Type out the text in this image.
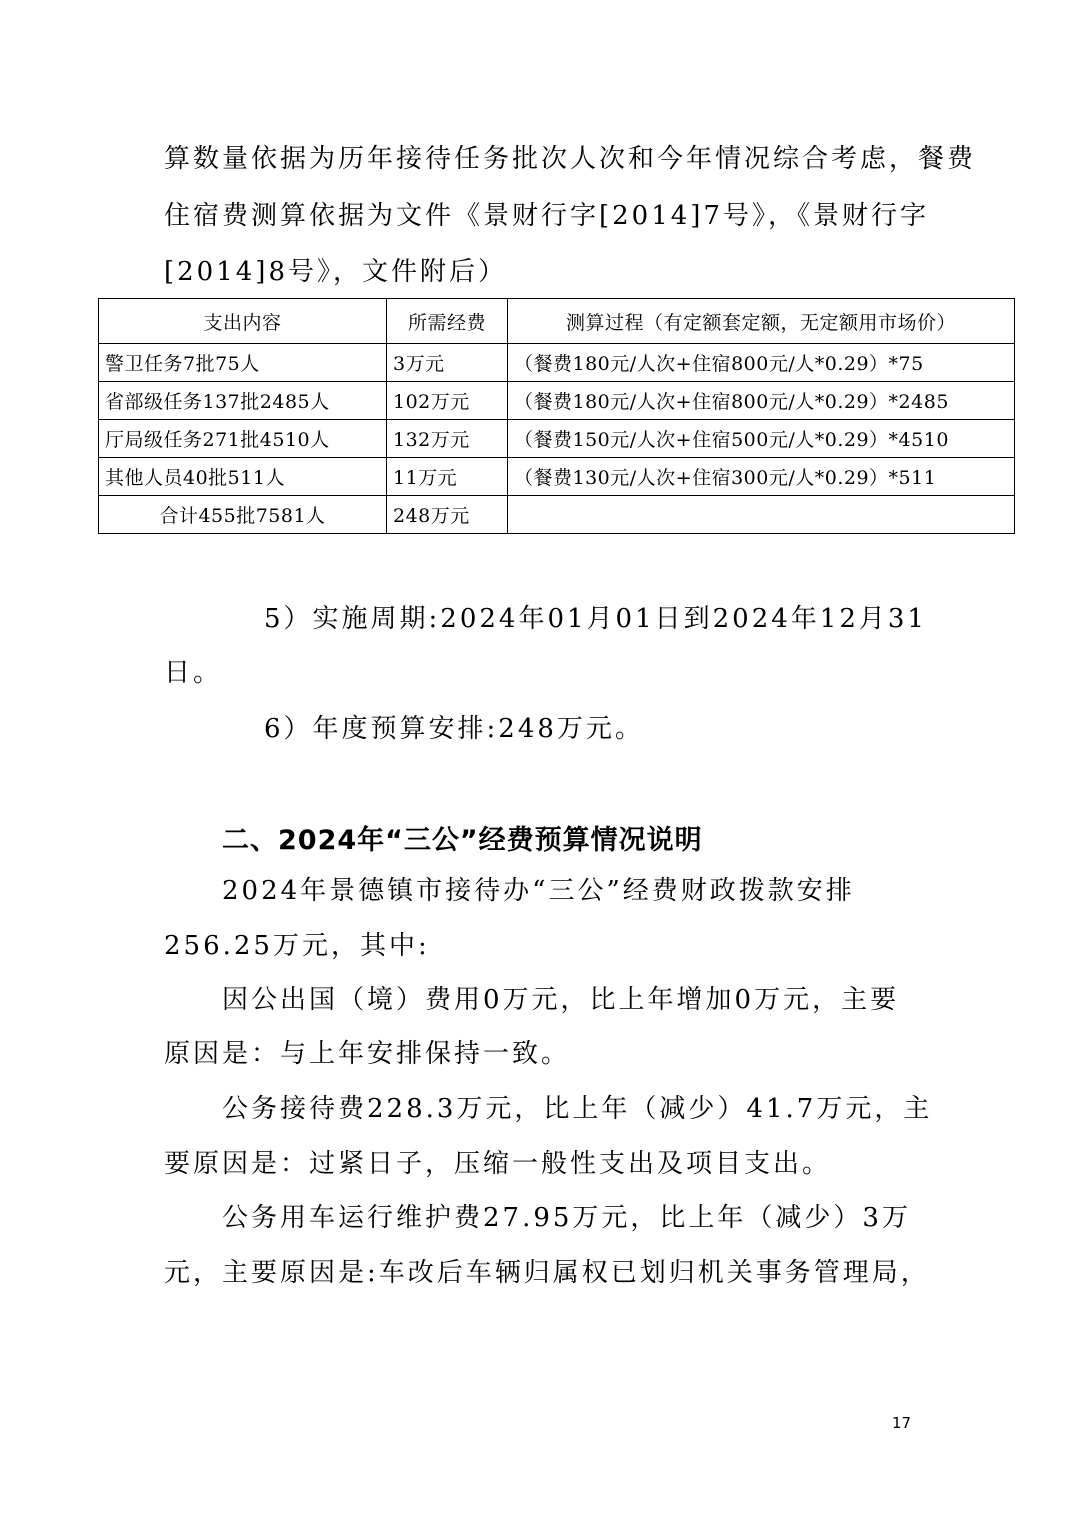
算数量依据为历年接待任务批次人次和今年情况综合考虑，餐费
住宿费测算依据为文件《景财行字[2014]7号》，《景财行字
[2014]8号》，文件附后）
支出内容	所需经费	测算过程（有定额套定额，无定额用市场价）
警卫任务7批75人	3万元	（餐费180元/人次+住宿800元/人*0.29）*75
省部级任务137批2485人	102万元	（餐费180元/人次+住宿800元/人*0.29）*2485
厅局级任务271批4510人	132万元	（餐费150元/人次+住宿500元/人*0.29）*4510
其他人员40批511人	11万元	（餐费130元/人次+住宿300元/人*0.29）*511
合计455批7581人	248万元	
5）实施周期:2024年01月01日到2024年12月31
日。
6）年度预算安排:248万元。
二、2024年“三公”经费预算情况说明
2024年景德镇市接待办“三公”经费财政拨款安排
256.25万元，其中:
因公出国（境）费用0万元，比上年增加0万元，主要
原因是：与上年安排保持一致。
公务接待费228.3万元，比上年（减少）41.7万元，主
要原因是：过紧日子，压缩一般性支出及项目支出。
公务用车运行维护费27.95万元，比上年（减少）3万
元，主要原因是:车改后车辆归属权已划归机关事务管理局，
17
